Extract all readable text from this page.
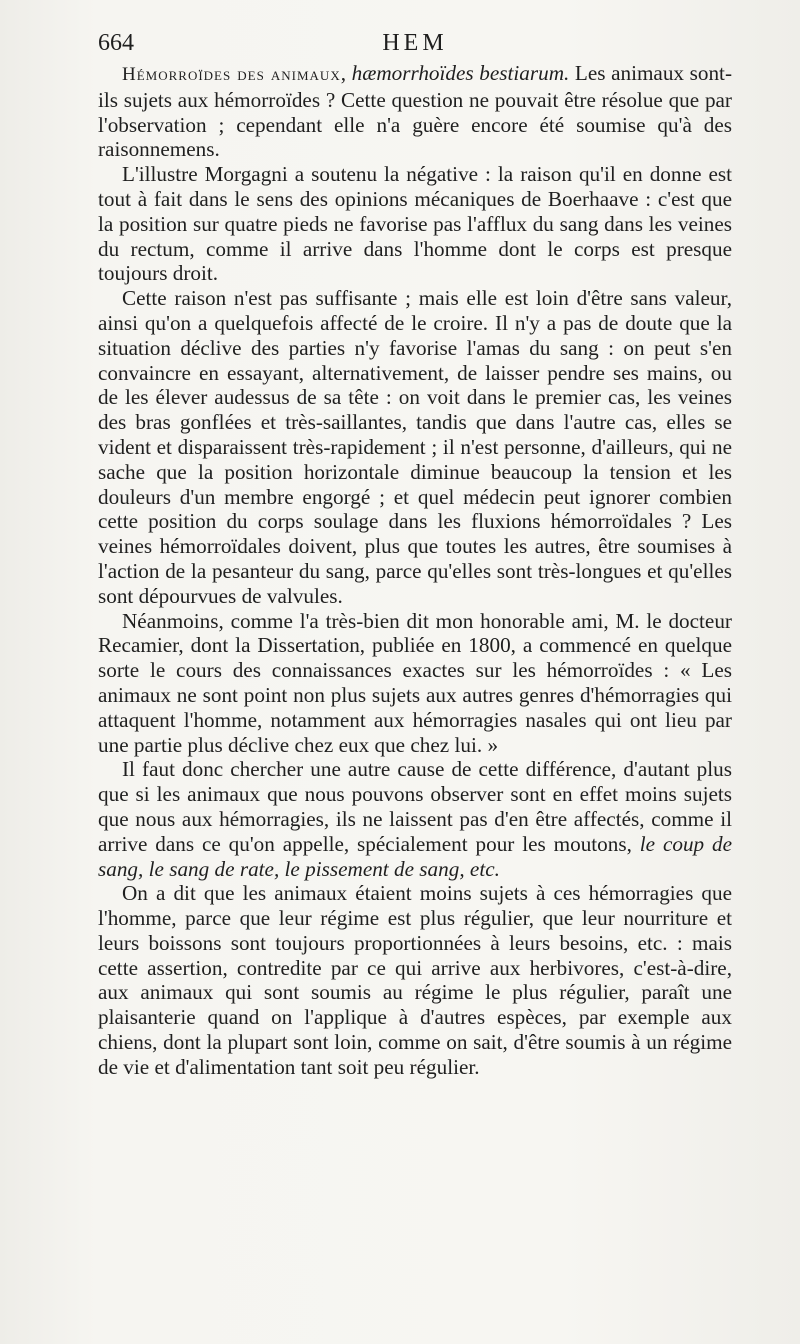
664	HEM

Hémorroïdes des animaux, hæmorrhoïdes bestiarum. Les animaux sont-ils sujets aux hémorroïdes ? Cette question ne pouvait être résolue que par l'observation ; cependant elle n'a guère encore été soumise qu'à des raisonnemens.

L'illustre Morgagni a soutenu la négative : la raison qu'il en donne est tout à fait dans le sens des opinions mécaniques de Boerhaave : c'est que la position sur quatre pieds ne favorise pas l'afflux du sang dans les veines du rectum, comme il arrive dans l'homme dont le corps est presque toujours droit.

Cette raison n'est pas suffisante ; mais elle est loin d'être sans valeur, ainsi qu'on a quelquefois affecté de le croire. Il n'y a pas de doute que la situation déclive des parties n'y favorise l'amas du sang : on peut s'en convaincre en essayant, alternativement, de laisser pendre ses mains, ou de les élever audessus de sa tête : on voit dans le premier cas, les veines des bras gonflées et très-saillantes, tandis que dans l'autre cas, elles se vident et disparaissent très-rapidement ; il n'est personne, d'ailleurs, qui ne sache que la position horizontale diminue beaucoup la tension et les douleurs d'un membre engorgé ; et quel médecin peut ignorer combien cette position du corps soulage dans les fluxions hémorroïdales ? Les veines hémorroïdales doivent, plus que toutes les autres, être soumises à l'action de la pesanteur du sang, parce qu'elles sont très-longues et qu'elles sont dépourvues de valvules.

Néanmoins, comme l'a très-bien dit mon honorable ami, M. le docteur Recamier, dont la Dissertation, publiée en 1800, a commencé en quelque sorte le cours des connaissances exactes sur les hémorroïdes : « Les animaux ne sont point non plus sujets aux autres genres d'hémorragies qui attaquent l'homme, notamment aux hémorragies nasales qui ont lieu par une partie plus déclive chez eux que chez lui. »

Il faut donc chercher une autre cause de cette différence, d'autant plus que si les animaux que nous pouvons observer sont en effet moins sujets que nous aux hémorragies, ils ne laissent pas d'en être affectés, comme il arrive dans ce qu'on appelle, spécialement pour les moutons, le coup de sang, le sang de rate, le pissement de sang, etc.

On a dit que les animaux étaient moins sujets à ces hémorragies que l'homme, parce que leur régime est plus régulier, que leur nourriture et leurs boissons sont toujours proportionnées à leurs besoins, etc. : mais cette assertion, contredite par ce qui arrive aux herbivores, c'est-à-dire, aux animaux qui sont soumis au régime le plus régulier, paraît une plaisanterie quand on l'applique à d'autres espèces, par exemple aux chiens, dont la plupart sont loin, comme on sait, d'être soumis à un régime de vie et d'alimentation tant soit peu régulier.
